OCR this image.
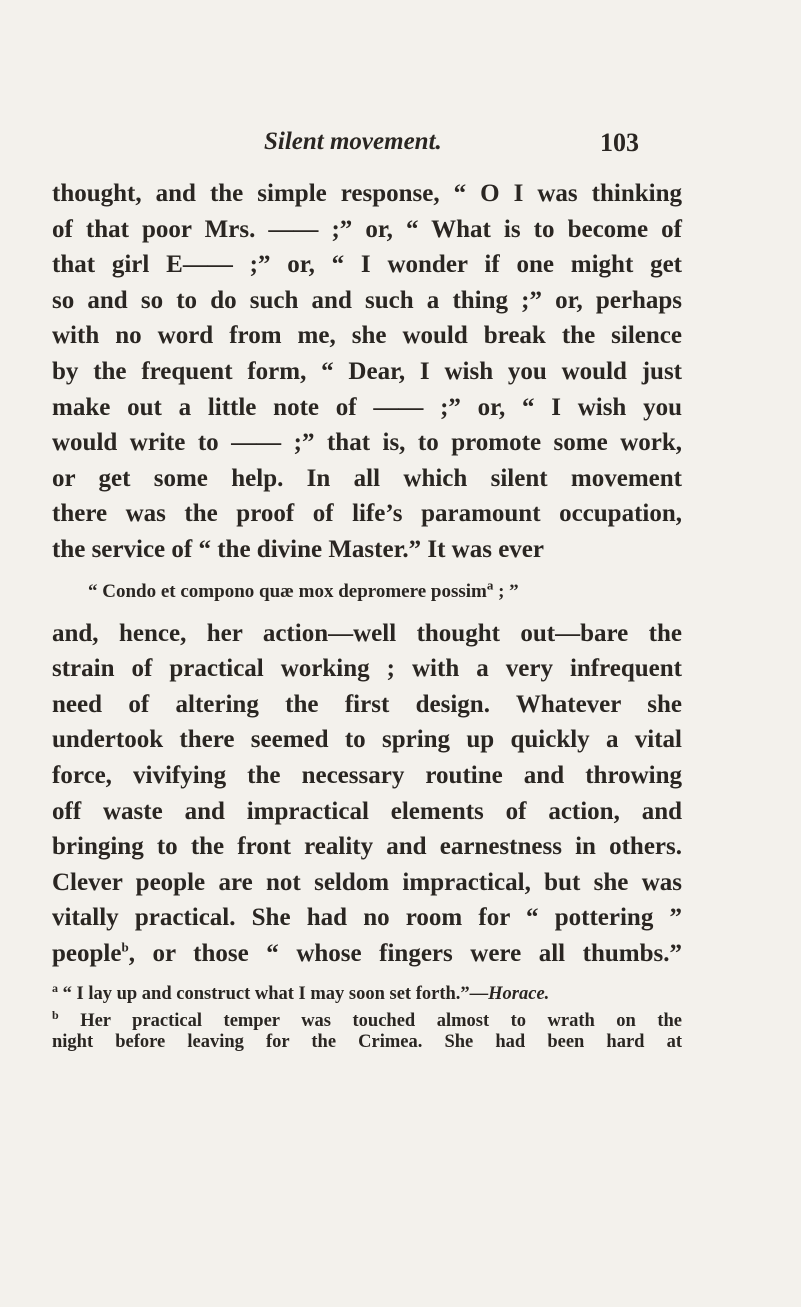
Silent movement.	103
thought, and the simple response, “ O I was thinking
of that poor Mrs. —— ;” or, “ What is to become of
that girl E—— ;” or, “ I wonder if one might get
so and so to do such and such a thing ;” or, perhaps
with no word from me, she would break the silence
by the frequent form, “ Dear, I wish you would just
make out a little note of —— ;” or, “ I wish you
would write to —— ;” that is, to promote some work,
or get some help. In all which silent movement
there was the proof of life’s paramount occupation,
the service of “ the divine Master.” It was ever
“ Condo et compono quæ mox depromere possim$^a$ ; ”
and, hence, her action—well thought out—bare the
strain of practical working ; with a very infrequent
need of altering the first design. Whatever she
undertook there seemed to spring up quickly a vital
force, vivifying the necessary routine and throwing
off waste and impractical elements of action, and
bringing to the front reality and earnestness in others.
Clever people are not seldom impractical, but she was
vitally practical. She had no room for “ pottering ”
people$^b$, or those “ whose fingers were all thumbs.”
$^a$ “ I lay up and construct what I may soon set forth.”—Horace.
$^b$ Her practical temper was touched almost to wrath on the
night before leaving for the Crimea. She had been hard at
